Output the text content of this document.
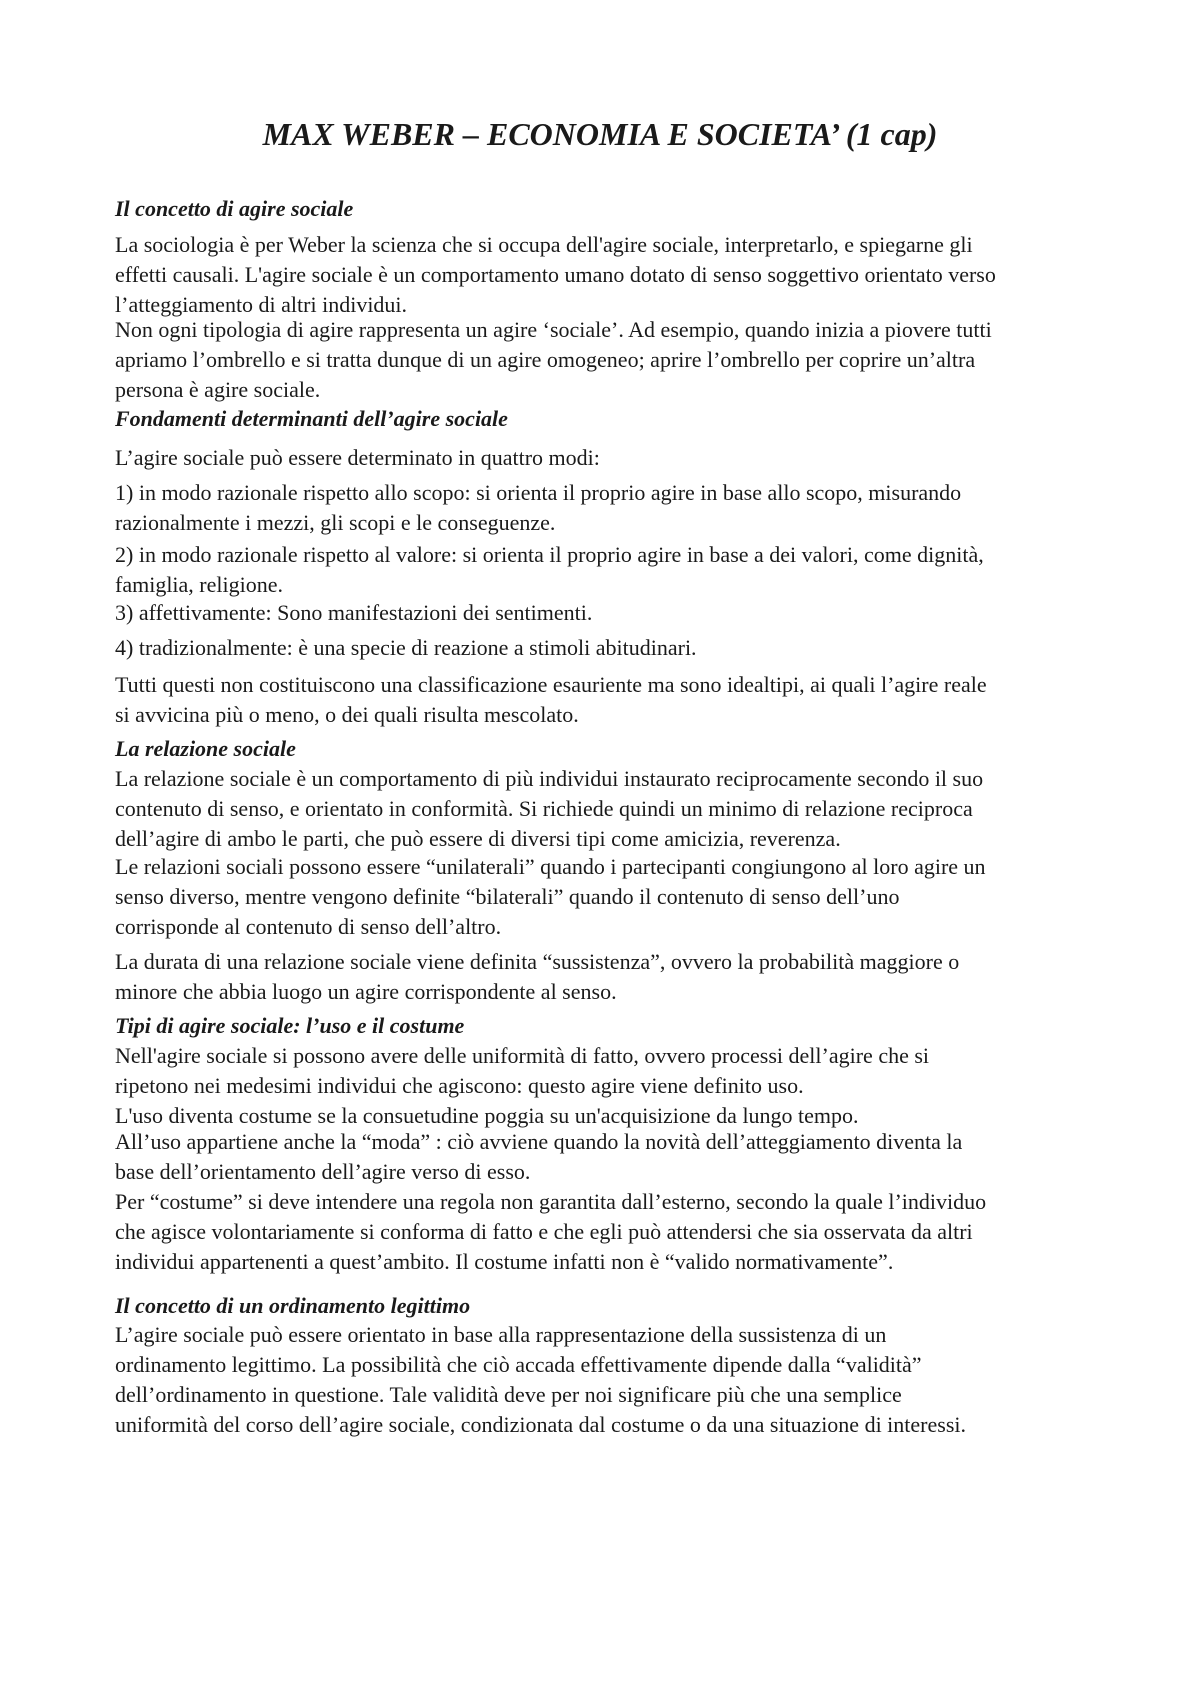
MAX WEBER – ECONOMIA E SOCIETA’ (1 cap)
Il concetto di agire sociale
La sociologia è per Weber la scienza che si occupa dell'agire sociale, interpretarlo, e spiegarne gli
effetti causali. L'agire sociale è un comportamento umano dotato di senso soggettivo orientato verso
l’atteggiamento di altri individui.
Non ogni tipologia di agire rappresenta un agire ‘sociale’. Ad esempio, quando inizia a piovere tutti
apriamo l’ombrello e si tratta dunque di un agire omogeneo; aprire l’ombrello per coprire un’altra
persona è agire sociale.
Fondamenti determinanti dell’agire sociale
L’agire sociale può essere determinato in quattro modi:
1) in modo razionale rispetto allo scopo: si orienta il proprio agire in base allo scopo, misurando
razionalmente i mezzi, gli scopi e le conseguenze.
2) in modo razionale rispetto al valore: si orienta il proprio agire in base a dei valori, come dignità,
famiglia, religione.
3) affettivamente: Sono manifestazioni dei sentimenti.
4) tradizionalmente: è una specie di reazione a stimoli abitudinari.
Tutti questi non costituiscono una classificazione esauriente ma sono idealtipi, ai quali l’agire reale
si avvicina più o meno, o dei quali risulta mescolato.
La relazione sociale
La relazione sociale è un comportamento di più individui instaurato reciprocamente secondo il suo
contenuto di senso, e orientato in conformità. Si richiede quindi un minimo di relazione reciproca
dell’agire di ambo le parti, che può essere di diversi tipi come amicizia, reverenza.
Le relazioni sociali possono essere “unilaterali” quando i partecipanti congiungono al loro agire un
senso diverso, mentre vengono definite “bilaterali” quando il contenuto di senso dell’uno
corrisponde al contenuto di senso dell’altro.
La durata di una relazione sociale viene definita “sussistenza”, ovvero la probabilità maggiore o
minore che abbia luogo un agire corrispondente al senso.
Tipi di agire sociale: l’uso e il costume
Nell'agire sociale si possono avere delle uniformità di fatto, ovvero processi dell’agire che si
ripetono nei medesimi individui che agiscono: questo agire viene definito uso.
L'uso diventa costume se la consuetudine poggia su un'acquisizione da lungo tempo.
All’uso appartiene anche la “moda” : ciò avviene quando la novità dell’atteggiamento diventa la
base dell’orientamento dell’agire verso di esso.
Per “costume” si deve intendere una regola non garantita dall’esterno, secondo la quale l’individuo
che agisce volontariamente si conforma di fatto e che egli può attendersi che sia osservata da altri
individui appartenenti a quest’ambito. Il costume infatti non è “valido normativamente”.
Il concetto di un ordinamento legittimo
L’agire sociale può essere orientato in base alla rappresentazione della sussistenza di un
ordinamento legittimo. La possibilità che ciò accada effettivamente dipende dalla “validità”
dell’ordinamento in questione. Tale validità deve per noi significare più che una semplice
uniformità del corso dell’agire sociale, condizionata dal costume o da una situazione di interessi.
